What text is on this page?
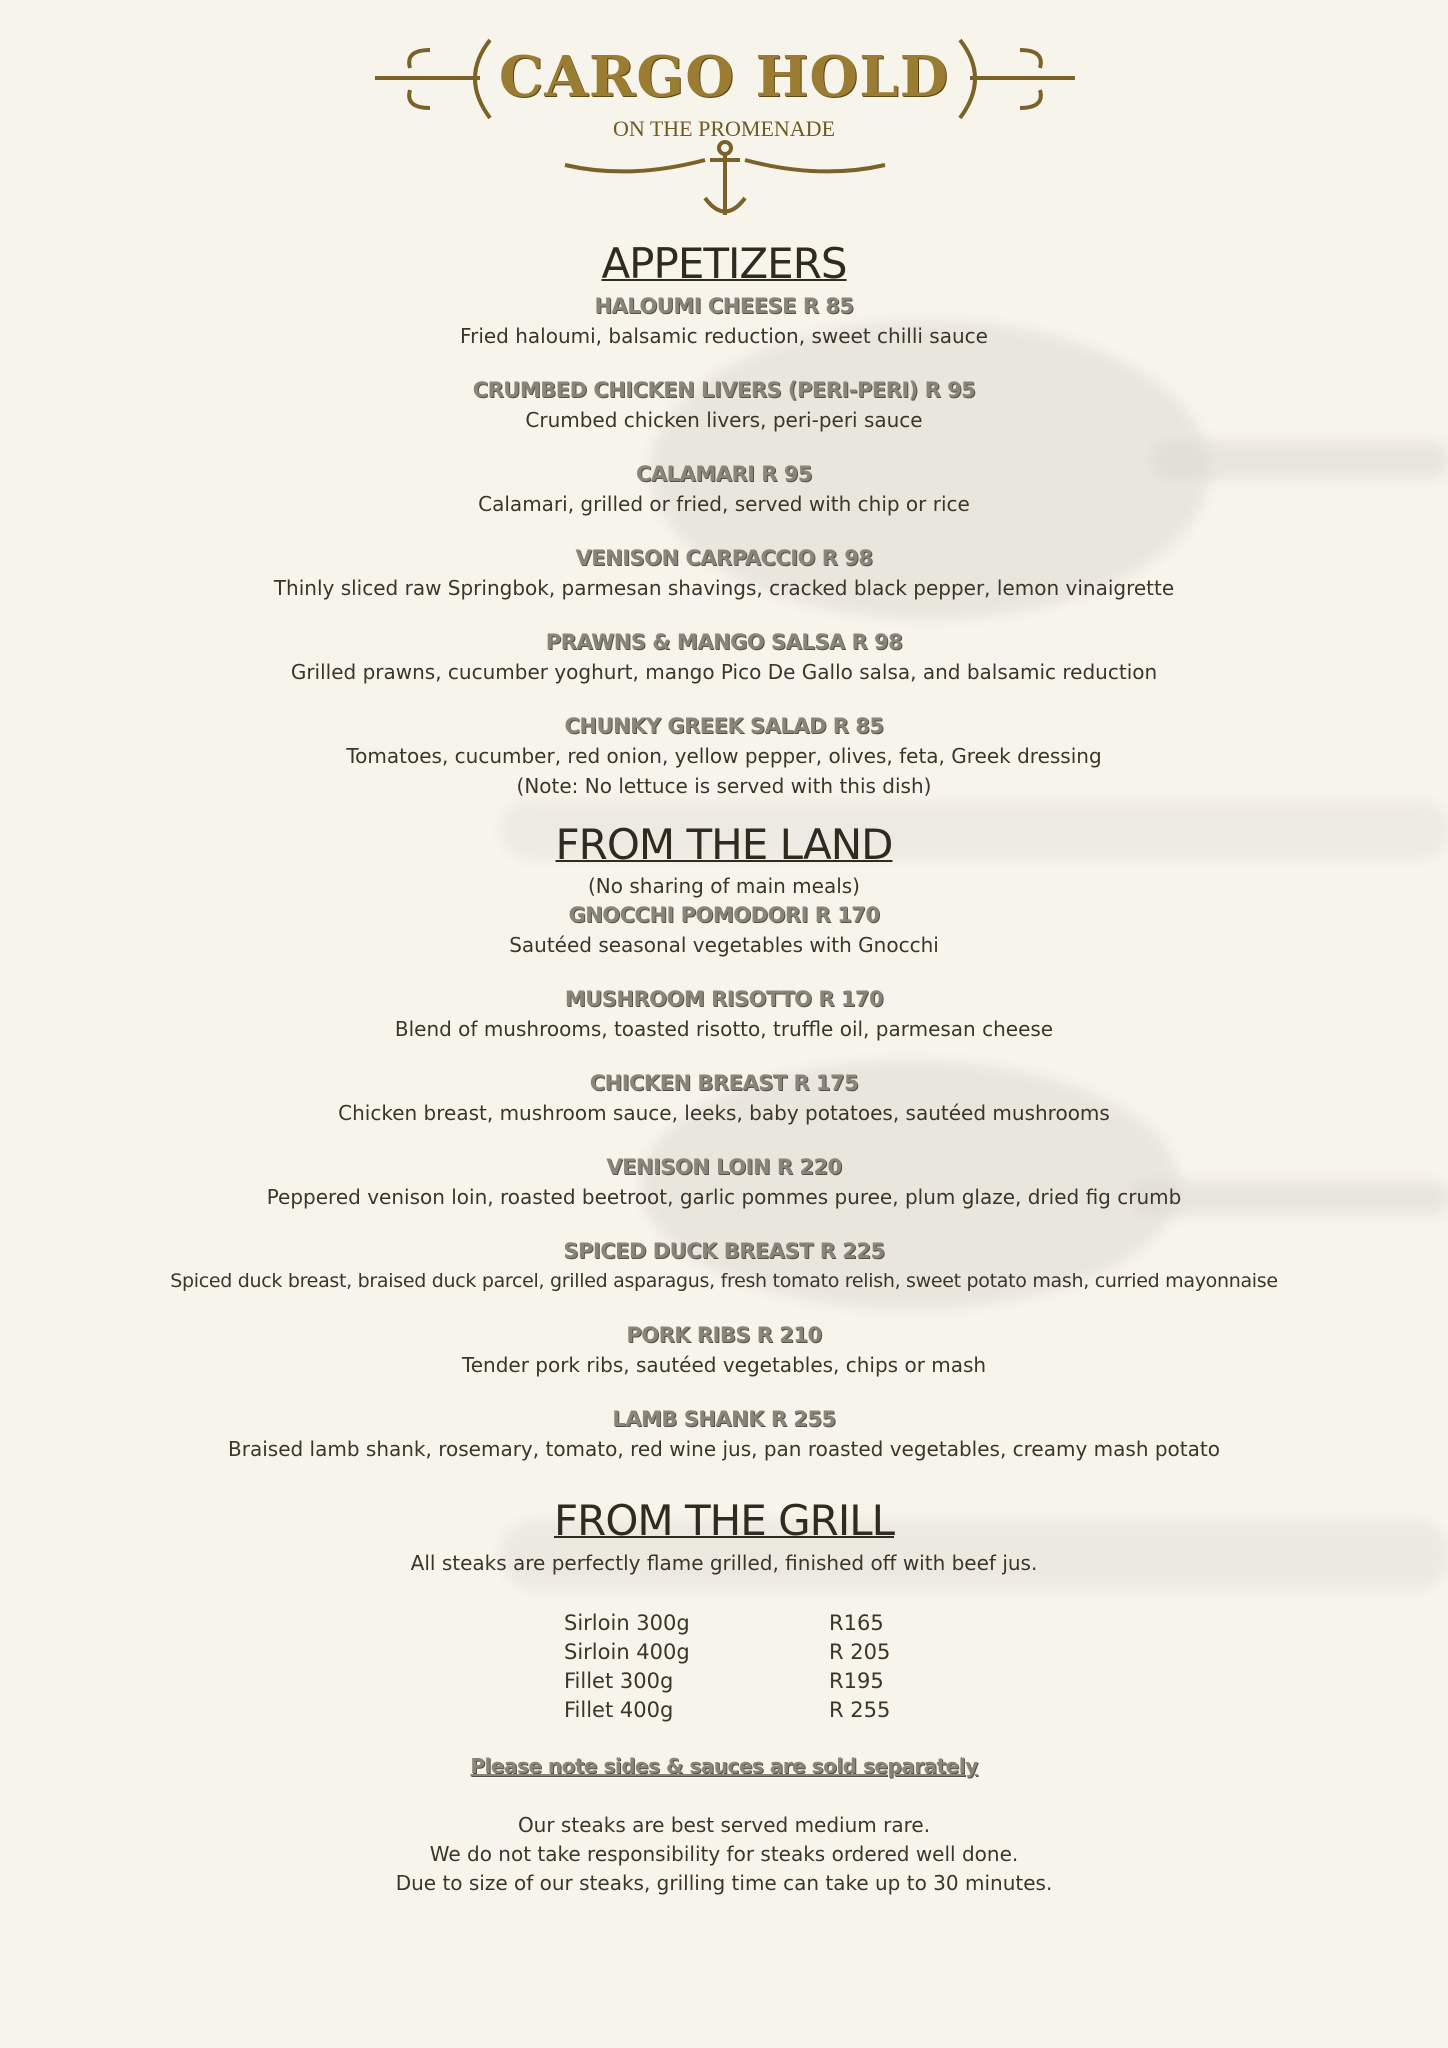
CARGO HOLD
ON THE PROMENADE
APPETIZERS
HALOUMI CHEESE R 85
Fried haloumi, balsamic reduction, sweet chilli sauce
CRUMBED CHICKEN LIVERS (PERI-PERI) R 95
Crumbed chicken livers, peri-peri sauce
CALAMARI R 95
Calamari, grilled or fried, served with chip or rice
VENISON CARPACCIO R 98
Thinly sliced raw Springbok, parmesan shavings, cracked black pepper, lemon vinaigrette
PRAWNS & MANGO SALSA R 98
Grilled prawns, cucumber yoghurt, mango Pico De Gallo salsa, and balsamic reduction
CHUNKY GREEK SALAD R 85
Tomatoes, cucumber, red onion, yellow pepper, olives, feta, Greek dressing
(Note: No lettuce is served with this dish)
FROM THE LAND
(No sharing of main meals)
GNOCCHI POMODORI R 170
Sautéed seasonal vegetables with Gnocchi
MUSHROOM RISOTTO R 170
Blend of mushrooms, toasted risotto, truffle oil, parmesan cheese
CHICKEN BREAST R 175
Chicken breast, mushroom sauce, leeks, baby potatoes, sautéed mushrooms
VENISON LOIN R 220
Peppered venison loin, roasted beetroot, garlic pommes puree, plum glaze, dried fig crumb
SPICED DUCK BREAST R 225
Spiced duck breast, braised duck parcel, grilled asparagus, fresh tomato relish, sweet potato mash, curried mayonnaise
PORK RIBS R 210
Tender pork ribs, sautéed vegetables, chips or mash
LAMB SHANK R 255
Braised lamb shank, rosemary, tomato, red wine jus, pan roasted vegetables, creamy mash potato
FROM THE GRILL
All steaks are perfectly flame grilled, finished off with beef jus.
Sirloin 300g	R165
Sirloin 400g	R 205
Fillet 300g	R195
Fillet 400g	R 255
Please note sides & sauces are sold separately
Our steaks are best served medium rare.
We do not take responsibility for steaks ordered well done.
Due to size of our steaks, grilling time can take up to 30 minutes.
